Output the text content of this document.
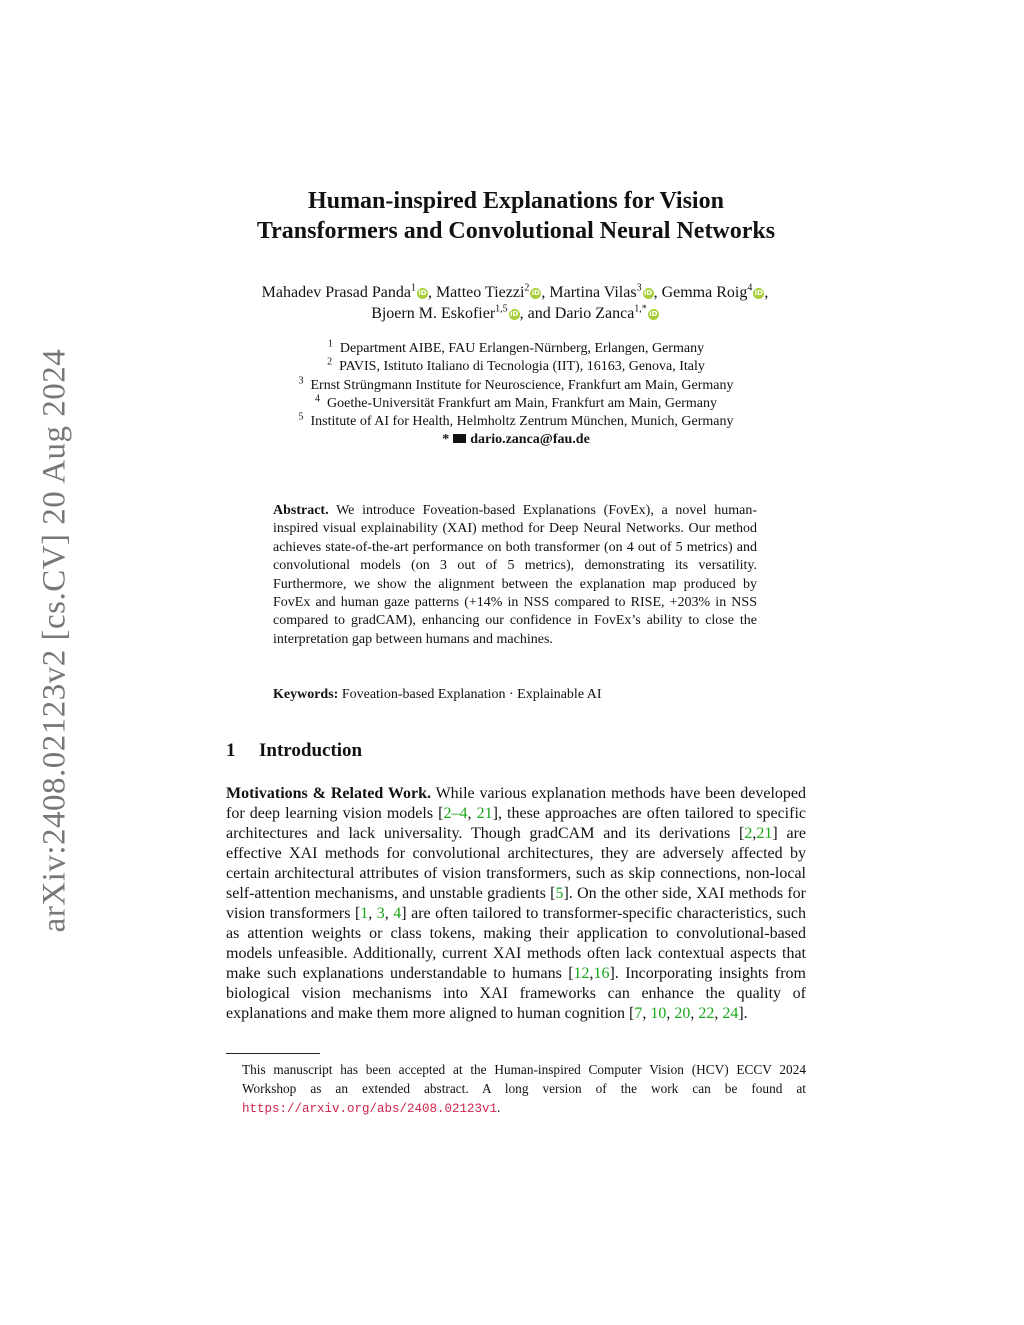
arXiv:2408.02123v2 [cs.CV] 20 Aug 2024
Human-inspired Explanations for Vision
Transformers and Convolutional Neural Networks
Mahadev Prasad Panda$^1$ iD, Matteo Tiezzi$^2$ iD, Martina Vilas$^3$ iD, Gemma Roig$^4$ iD, Bjoern M. Eskofier$^{1,5}$ iD, and Dario Zanca$^{1,*}$ iD
$^1$ Department AIBE, FAU Erlangen-Nürnberg, Erlangen, Germany
$^2$ PAVIS, Istituto Italiano di Tecnologia (IIT), 16163, Genova, Italy
$^3$ Ernst Strüngmann Institute for Neuroscience, Frankfurt am Main, Germany
$^4$ Goethe-Universität Frankfurt am Main, Frankfurt am Main, Germany
$^5$ Institute of AI for Health, Helmholtz Zentrum München, Munich, Germany
* dario.zanca@fau.de
Abstract. We introduce Foveation-based Explanations (FovEx), a novel human-inspired visual explainability (XAI) method for Deep Neural Networks. Our method achieves state-of-the-art performance on both transformer (on 4 out of 5 metrics) and convolutional models (on 3 out of 5 metrics), demonstrating its versatility. Furthermore, we show the alignment between the explanation map produced by FovEx and human gaze patterns (+14% in NSS compared to RISE, +203% in NSS compared to gradCAM), enhancing our confidence in FovEx’s ability to close the interpretation gap between humans and machines.
Keywords: Foveation-based Explanation · Explainable AI
1 Introduction
Motivations & Related Work. While various explanation methods have been developed for deep learning vision models [2–4, 21], these approaches are often tailored to specific architectures and lack universality. Though gradCAM and its derivations [2,21] are effective XAI methods for convolutional architectures, they are adversely affected by certain architectural attributes of vision transformers, such as skip connections, non-local self-attention mechanisms, and unstable gradients [5]. On the other side, XAI methods for vision transformers [1, 3, 4] are often tailored to transformer-specific characteristics, such as attention weights or class tokens, making their application to convolutional-based models unfeasible. Additionally, current XAI methods often lack contextual aspects that make such explanations understandable to humans [12,16]. Incorporating insights from biological vision mechanisms into XAI frameworks can enhance the quality of explanations and make them more aligned to human cognition [7, 10, 20, 22, 24].
This manuscript has been accepted at the Human-inspired Computer Vision (HCV) ECCV 2024 Workshop as an extended abstract. A long version of the work can be found at https://arxiv.org/abs/2408.02123v1.
